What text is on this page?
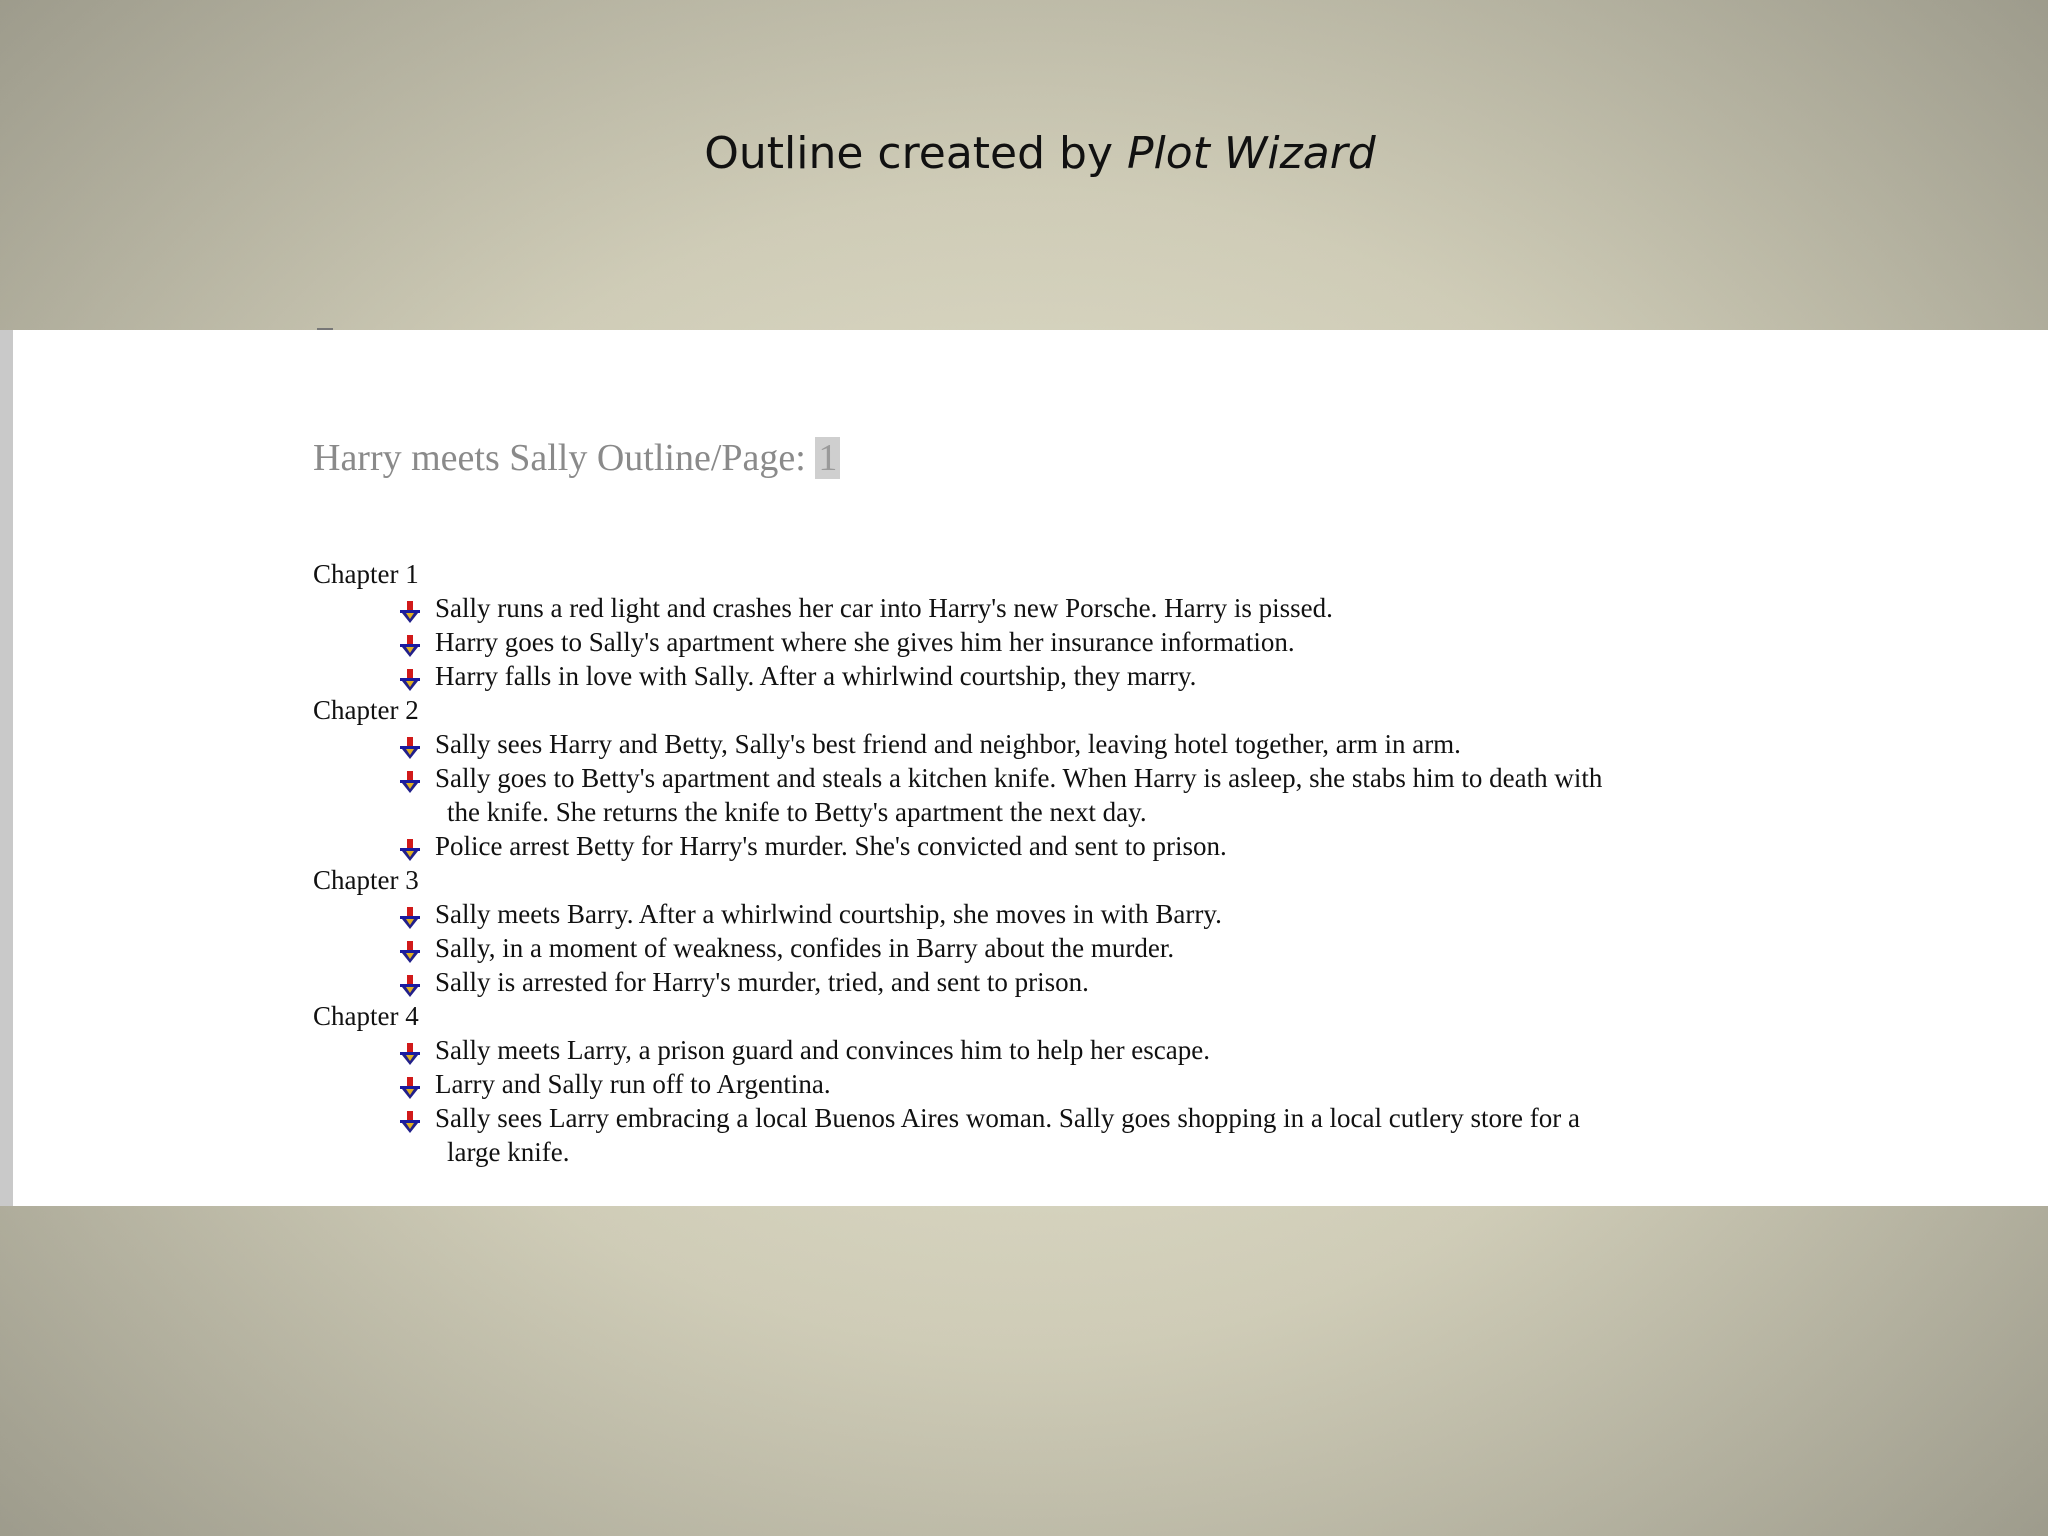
Outline created by Plot Wizard
Harry meets Sally Outline/Page: 1
Chapter 1
Sally runs a red light and crashes her car into Harry's new Porsche. Harry is pissed.
Harry goes to Sally's apartment where she gives him her insurance information.
Harry falls in love with Sally. After a whirlwind courtship, they marry.
Chapter 2
Sally sees Harry and Betty, Sally's best friend and neighbor, leaving hotel together, arm in arm.
Sally goes to Betty's apartment and steals a kitchen knife. When Harry is asleep, she stabs him to death with
the knife. She returns the knife to Betty's apartment the next day.
Police arrest Betty for Harry's murder. She's convicted and sent to prison.
Chapter 3
Sally meets Barry. After a whirlwind courtship, she moves in with Barry.
Sally, in a moment of weakness, confides in Barry about the murder.
Sally is arrested for Harry's murder, tried, and sent to prison.
Chapter 4
Sally meets Larry, a prison guard and convinces him to help her escape.
Larry and Sally run off to Argentina.
Sally sees Larry embracing a local Buenos Aires woman. Sally goes shopping in a local cutlery store for a
large knife.
